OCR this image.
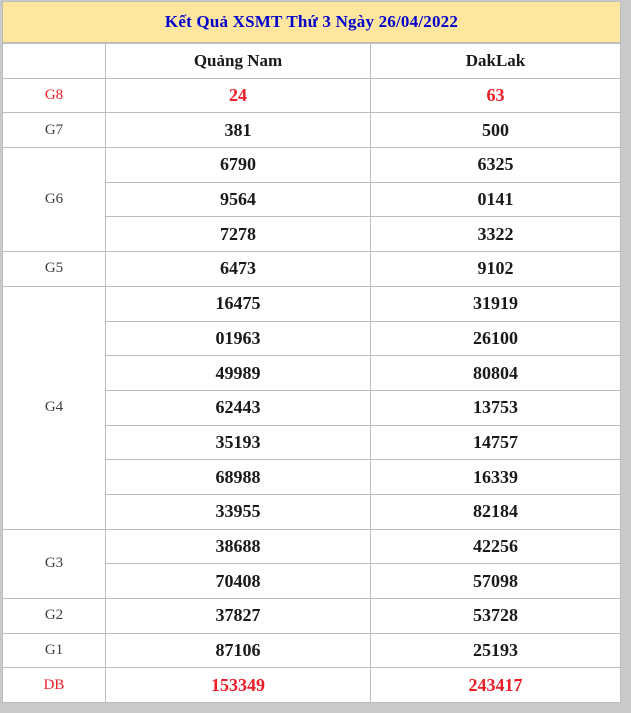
Kết Quả XSMT Thứ 3 Ngày 26/04/2022
	Quảng Nam	DakLak
G8	24	63
G7	381	500
G6	6790	6325
	9564	0141
	7278	3322
G5	6473	9102
G4	16475	31919
	01963	26100
	49989	80804
	62443	13753
	35193	14757
	68988	16339
	33955	82184
G3	38688	42256
	70408	57098
G2	37827	53728
G1	87106	25193
DB	153349	243417
